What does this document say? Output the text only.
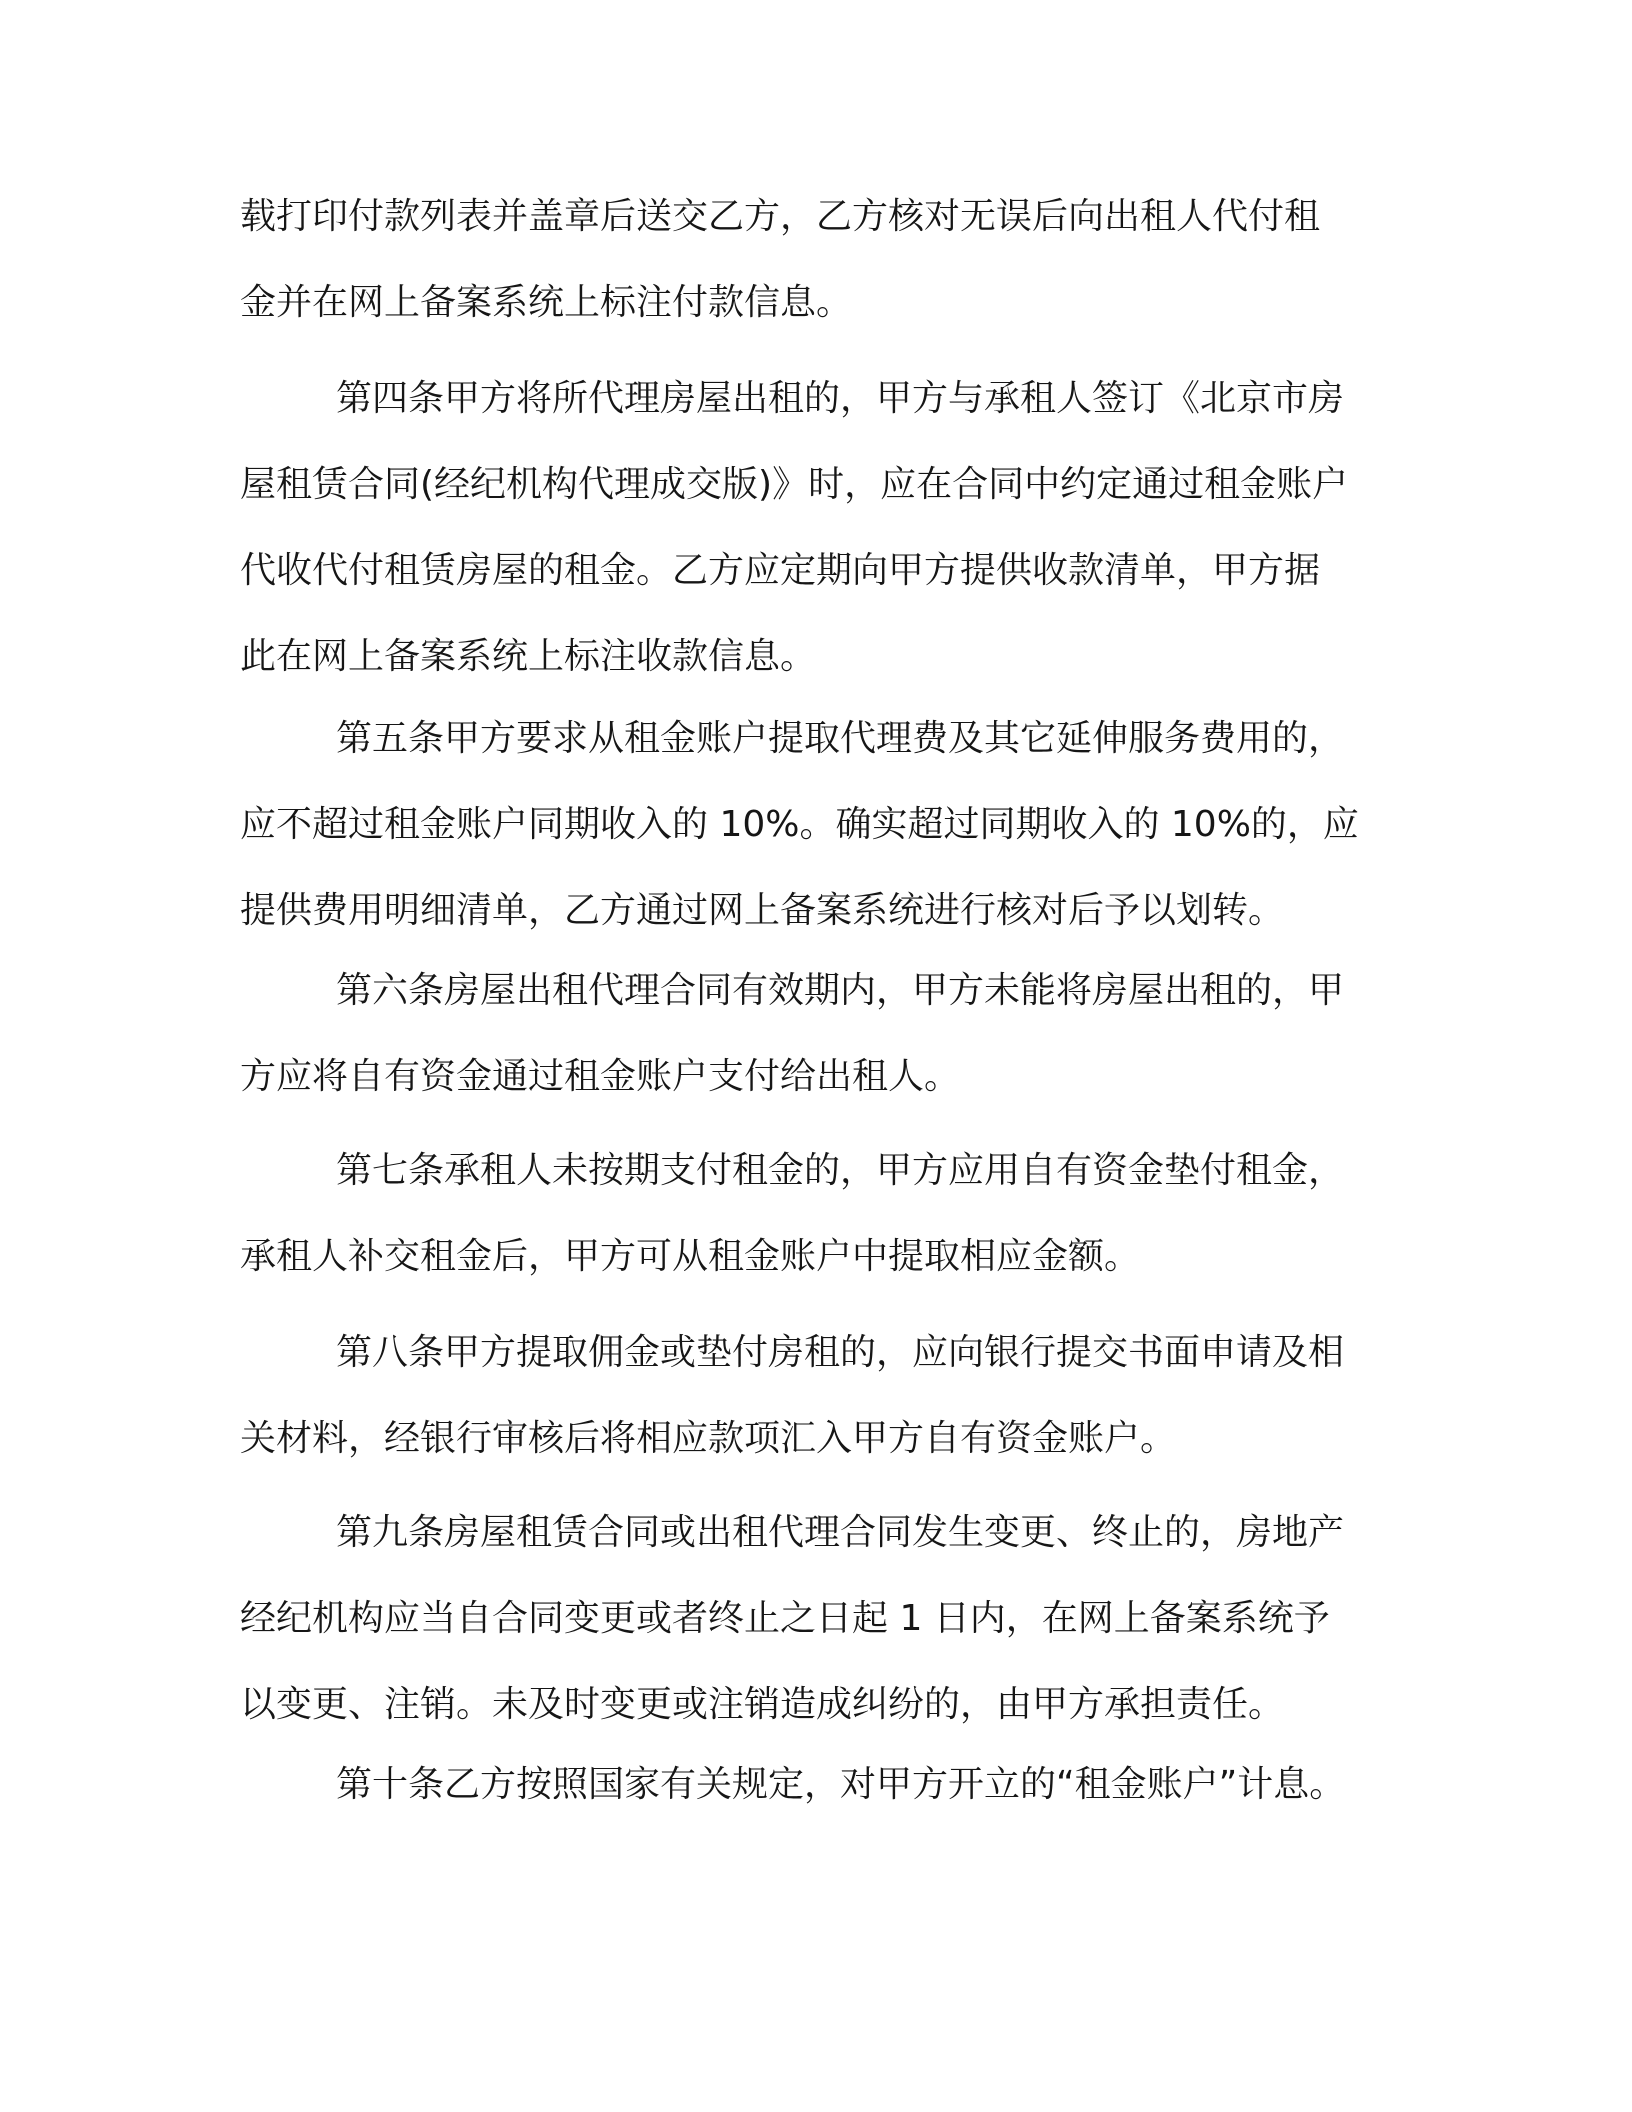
载打印付款列表并盖章后送交乙方，乙方核对无误后向出租人代付租
金并在网上备案系统上标注付款信息。

第四条甲方将所代理房屋出租的，甲方与承租人签订《北京市房
屋租赁合同(经纪机构代理成交版)》时，应在合同中约定通过租金账户
代收代付租赁房屋的租金。乙方应定期向甲方提供收款清单，甲方据
此在网上备案系统上标注收款信息。

第五条甲方要求从租金账户提取代理费及其它延伸服务费用的，
应不超过租金账户同期收入的 10%。确实超过同期收入的 10%的，应
提供费用明细清单，乙方通过网上备案系统进行核对后予以划转。

第六条房屋出租代理合同有效期内，甲方未能将房屋出租的，甲
方应将自有资金通过租金账户支付给出租人。

第七条承租人未按期支付租金的，甲方应用自有资金垫付租金，
承租人补交租金后，甲方可从租金账户中提取相应金额。

第八条甲方提取佣金或垫付房租的，应向银行提交书面申请及相
关材料，经银行审核后将相应款项汇入甲方自有资金账户。

第九条房屋租赁合同或出租代理合同发生变更、终止的，房地产
经纪机构应当自合同变更或者终止之日起 1 日内，在网上备案系统予
以变更、注销。未及时变更或注销造成纠纷的，由甲方承担责任。

第十条乙方按照国家有关规定，对甲方开立的“租金账户”计息。
